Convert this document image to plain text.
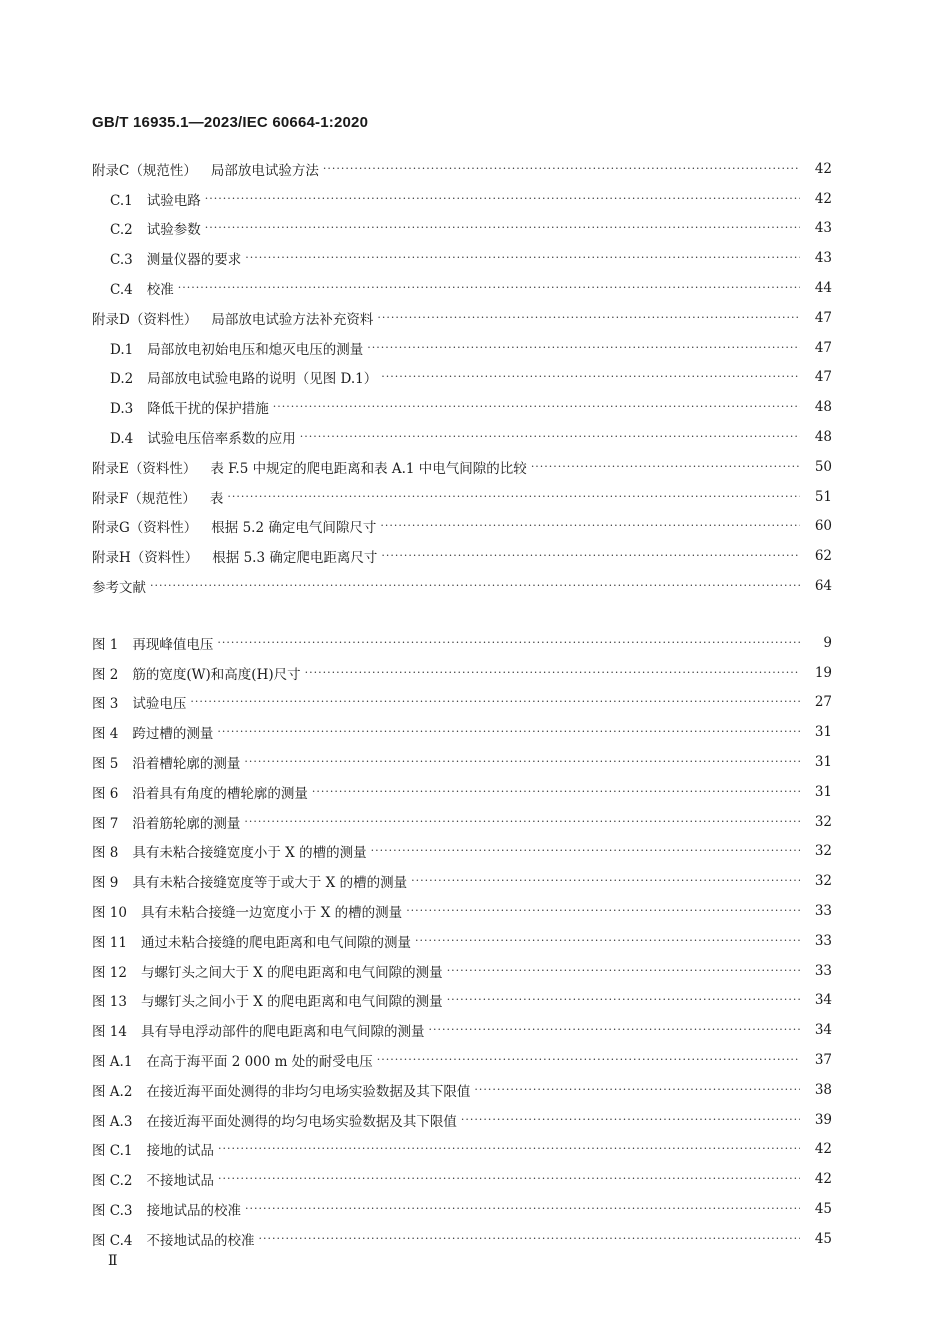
GB/T 16935.1—2023/IEC 60664-1:2020
附录C（规范性） 局部放电试验方法 ·····	42
C.1 试验电路 ·····	42
C.2 试验参数 ·····	43
C.3 测量仪器的要求 ·····	43
C.4 校准 ·····	44
附录D（资料性） 局部放电试验方法补充资料 ·····	47
D.1 局部放电初始电压和熄灭电压的测量 ·····	47
D.2 局部放电试验电路的说明（见图 D.1） ·····	47
D.3 降低干扰的保护措施 ·····	48
D.4 试验电压倍率系数的应用 ·····	48
附录E（资料性） 表 F.5 中规定的爬电距离和表 A.1 中电气间隙的比较 ·····	50
附录F（规范性） 表 ·····	51
附录G（资料性） 根据 5.2 确定电气间隙尺寸 ·····	60
附录H（资料性） 根据 5.3 确定爬电距离尺寸 ·····	62
参考文献 ·····	64
图 1 再现峰值电压 ·····	9
图 2 筋的宽度(W)和高度(H)尺寸 ·····	19
图 3 试验电压 ·····	27
图 4 跨过槽的测量 ·····	31
图 5 沿着槽轮廓的测量 ·····	31
图 6 沿着具有角度的槽轮廓的测量 ·····	31
图 7 沿着筋轮廓的测量 ·····	32
图 8 具有未粘合接缝宽度小于 X 的槽的测量 ·····	32
图 9 具有未粘合接缝宽度等于或大于 X 的槽的测量 ·····	32
图 10 具有未粘合接缝一边宽度小于 X 的槽的测量 ·····	33
图 11 通过未粘合接缝的爬电距离和电气间隙的测量 ·····	33
图 12 与螺钉头之间大于 X 的爬电距离和电气间隙的测量 ·····	33
图 13 与螺钉头之间小于 X 的爬电距离和电气间隙的测量 ·····	34
图 14 具有导电浮动部件的爬电距离和电气间隙的测量 ·····	34
图 A.1 在高于海平面 2 000 m 处的耐受电压 ·····	37
图 A.2 在接近海平面处测得的非均匀电场实验数据及其下限值 ·····	38
图 A.3 在接近海平面处测得的均匀电场实验数据及其下限值 ·····	39
图 C.1 接地的试品 ·····	42
图 C.2 不接地试品 ·····	42
图 C.3 接地试品的校准 ·····	45
图 C.4 不接地试品的校准 ·····	45
Ⅱ
